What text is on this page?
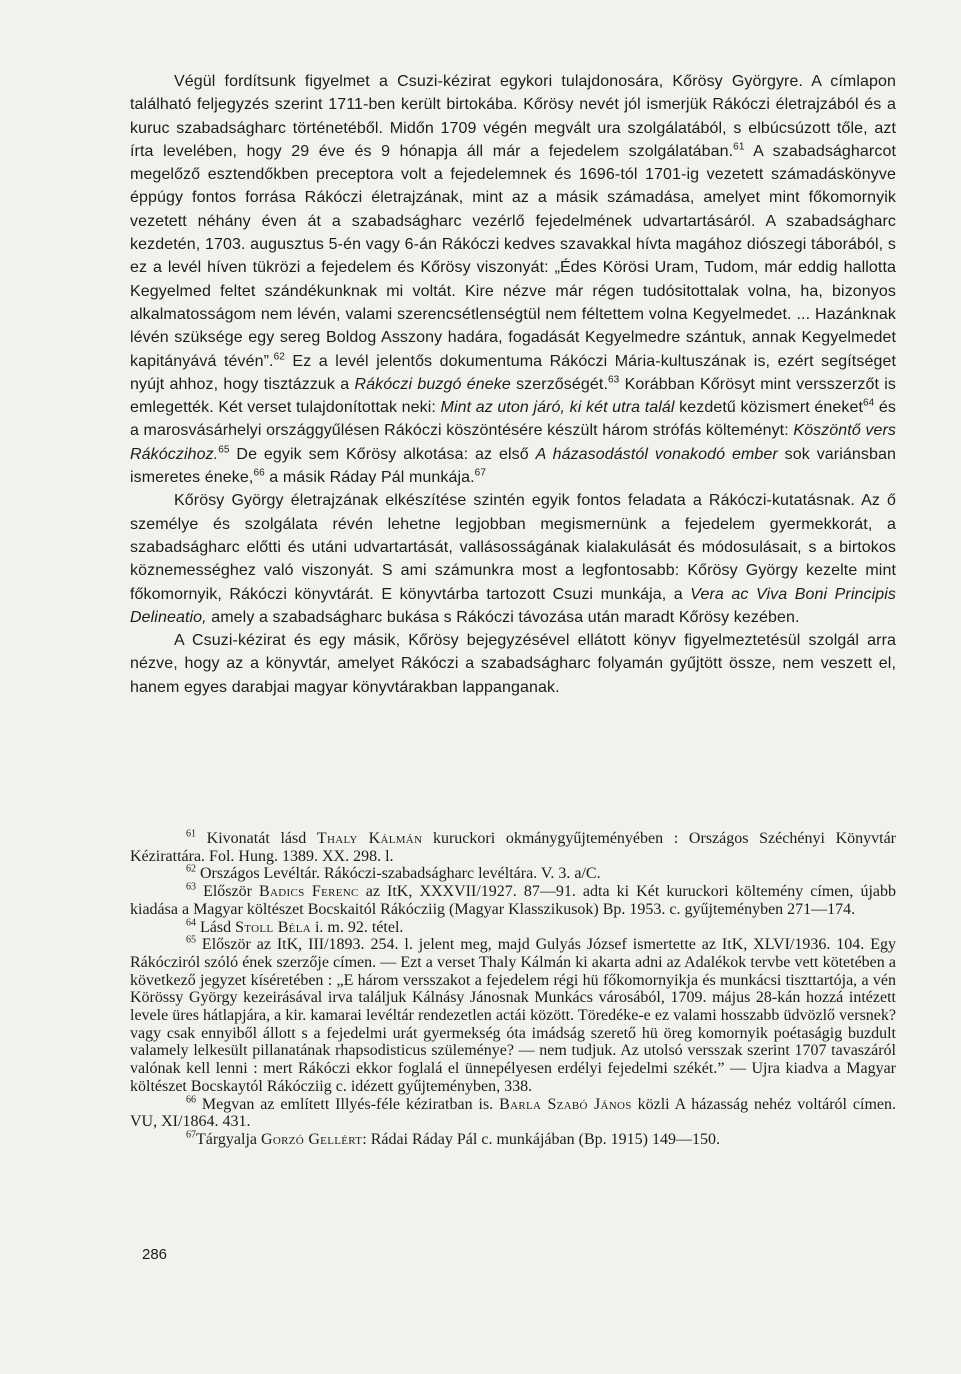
Végül fordítsunk figyelmet a Csuzi-kézirat egykori tulajdonosára, Kőrösy Györgyre. A címlapon található feljegyzés szerint 1711-ben került birtokába. Kőrösy nevét jól ismerjük Rákóczi életrajzából és a kuruc szabadságharc történetéből. Midőn 1709 végén megvált ura szolgálatából, s elbúcsúzott tőle, azt írta levelében, hogy 29 éve és 9 hónapja áll már a fejedelem szolgálatában.$^{61}$ A szabadságharcot megelőző esztendőkben preceptora volt a fejedelemnek és 1696-tól 1701-ig vezetett számadáskönyve éppúgy fontos forrása Rákóczi életrajzának, mint az a másik számadása, amelyet mint főkomornyik vezetett néhány éven át a szabadságharc vezérlő fejedelmének udvartartásáról. A szabadságharc kezdetén, 1703. augusztus 5-én vagy 6-án Rákóczi kedves szavakkal hívta magához diószegi táborából, s ez a levél híven tükrözi a fejedelem és Kőrösy viszonyát: „Édes Körösi Uram, Tudom, már eddig hallotta Kegyelmed feltet szándékunknak mi voltát. Kire nézve már régen tudósitottalak volna, ha, bizonyos alkalmatosságom nem lévén, valami szerencsétlenségtül nem féltettem volna Kegyelmedet. ... Hazánknak lévén szüksége egy sereg Boldog Asszony hadára, fogadását Kegyelmedre szántuk, annak Kegyelmedet kapitányává tévén”.$^{62}$ Ez a levél jelentős dokumentuma Rákóczi Mária-kultuszának is, ezért segítséget nyújt ahhoz, hogy tisztázzuk a Rákóczi buzgó éneke szerzőségét.$^{63}$ Korábban Kőrösyt mint versszerzőt is emlegették. Két verset tulajdonítottak neki: Mint az uton járó, ki két utra talál kezdetű közismert éneket$^{64}$ és a marosvásárhelyi országgyűlésen Rákóczi köszöntésére készült három strófás költeményt: Köszöntő vers Rákóczihoz.$^{65}$ De egyik sem Kőrösy alkotása: az első A házasodástól vonakodó ember sok variánsban ismeretes éneke,$^{66}$ a másik Ráday Pál munkája.$^{67}$

Kőrösy György életrajzának elkészítése szintén egyik fontos feladata a Rákóczi-kutatásnak. Az ő személye és szolgálata révén lehetne legjobban megismernünk a fejedelem gyermekkorát, a szabadságharc előtti és utáni udvartartását, vallásosságának kialakulását és módosulásait, s a birtokos köznemességhez való viszonyát. S ami számunkra most a legfontosabb: Kőrösy György kezelte mint főkomornyik, Rákóczi könyvtárát. E könyvtárba tartozott Csuzi munkája, a Vera ac Viva Boni Principis Delineatio, amely a szabadságharc bukása s Rákóczi távozása után maradt Kőrösy kezében.

A Csuzi-kézirat és egy másik, Kőrösy bejegyzésével ellátott könyv figyelmeztetésül szolgál arra nézve, hogy az a könyvtár, amelyet Rákóczi a szabadságharc folyamán gyűjtött össze, nem veszett el, hanem egyes darabjai magyar könyvtárakban lappanganak.

$^{61}$ Kivonatát lásd Thaly Kálmán kuruckori okmánygyűjteményében : Országos Széchényi Könyvtár Kézirattára. Fol. Hung. 1389. XX. 298. l.

$^{62}$ Országos Levéltár. Rákóczi-szabadságharc levéltára. V. 3. a/C.

$^{63}$ Először Badics Ferenc az ItK, XXXVII/1927. 87—91. adta ki Két kuruckori költemény címen, újabb kiadása a Magyar költészet Bocskaitól Rákócziig (Magyar Klasszikusok) Bp. 1953. c. gyűjteményben 271—174.

$^{64}$ Lásd Stoll Béla i. m. 92. tétel.

$^{65}$ Először az ItK, III/1893. 254. l. jelent meg, majd Gulyás József ismertette az ItK, XLVI/1936. 104. Egy Rákócziról szóló ének szerzője címen. — Ezt a verset Thaly Kálmán ki akarta adni az Adalékok tervbe vett kötetében a következő jegyzet kíséretében : „E három versszakot a fejedelem régi hü főkomornyikja és munkácsi tiszttartója, a vén Körössy György kezeirásával irva találjuk Kálnásy Jánosnak Munkács városából, 1709. május 28-kán hozzá intézett levele üres hátlapjára, a kir. kamarai levéltár rendezetlen actái között. Töredéke-e ez valami hosszabb üdvözlő versnek? vagy csak ennyiből állott s a fejedelmi urát gyermekség óta imádság szerető hü öreg komornyik poétaságig buzdult valamely lelkesült pillanatának rhapsodisticus szüleménye? — nem tudjuk. Az utolsó versszak szerint 1707 tavaszáról valónak kell lenni : mert Rákóczi ekkor foglalá el ünnepélyesen erdélyi fejedelmi székét.” — Ujra kiadva a Magyar költészet Bocskaytól Rákócziig c. idézett gyűjteményben, 338.

$^{66}$ Megvan az említett Illyés-féle kéziratban is. Barla Szabó János közli A házasság nehéz voltáról címen. VU, XI/1864. 431.

$^{67}$Tárgyalja Gorzó Gellért: Rádai Ráday Pál c. munkájában (Bp. 1915) 149—150.

286
